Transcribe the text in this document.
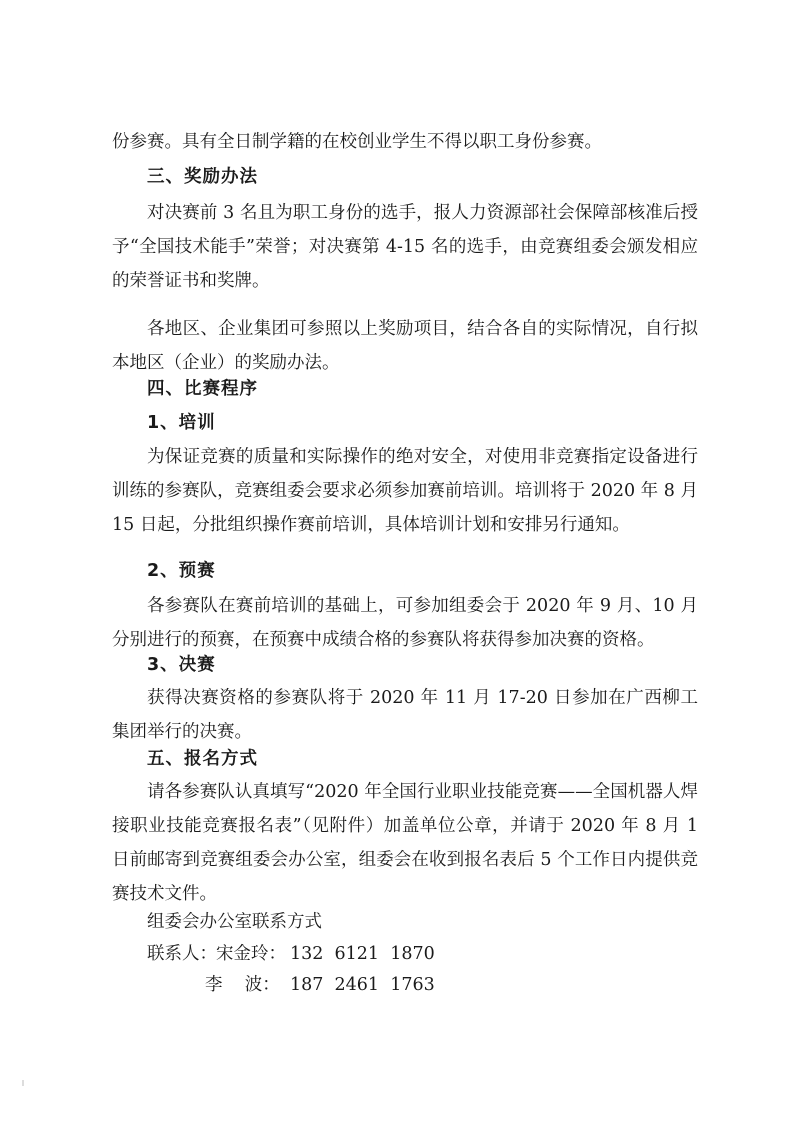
份参赛。具有全日制学籍的在校创业学生不得以职工身份参赛。

三、奖励办法

对决赛前 3 名且为职工身份的选手，报人力资源部社会保障部核准后授予“全国技术能手”荣誉；对决赛第 4-15 名的选手，由竞赛组委会颁发相应的荣誉证书和奖牌。

各地区、企业集团可参照以上奖励项目，结合各自的实际情况，自行拟本地区（企业）的奖励办法。

四、比赛程序

1、培训

为保证竞赛的质量和实际操作的绝对安全，对使用非竞赛指定设备进行训练的参赛队，竞赛组委会要求必须参加赛前培训。培训将于 2020 年 8 月 15 日起，分批组织操作赛前培训，具体培训计划和安排另行通知。

2、预赛

各参赛队在赛前培训的基础上，可参加组委会于 2020 年 9 月、10 月分别进行的预赛，在预赛中成绩合格的参赛队将获得参加决赛的资格。

3、决赛

获得决赛资格的参赛队将于 2020 年 11 月 17-20 日参加在广西柳工集团举行的决赛。

五、报名方式

请各参赛队认真填写“2020 年全国行业职业技能竞赛——全国机器人焊接职业技能竞赛报名表”（见附件）加盖单位公章，并请于 2020 年 8 月 1 日前邮寄到竞赛组委会办公室，组委会在收到报名表后 5 个工作日内提供竞赛技术文件。

组委会办公室联系方式

联系人： 宋金玲： 132  6121  1870
李    波： 187  2461  1763
